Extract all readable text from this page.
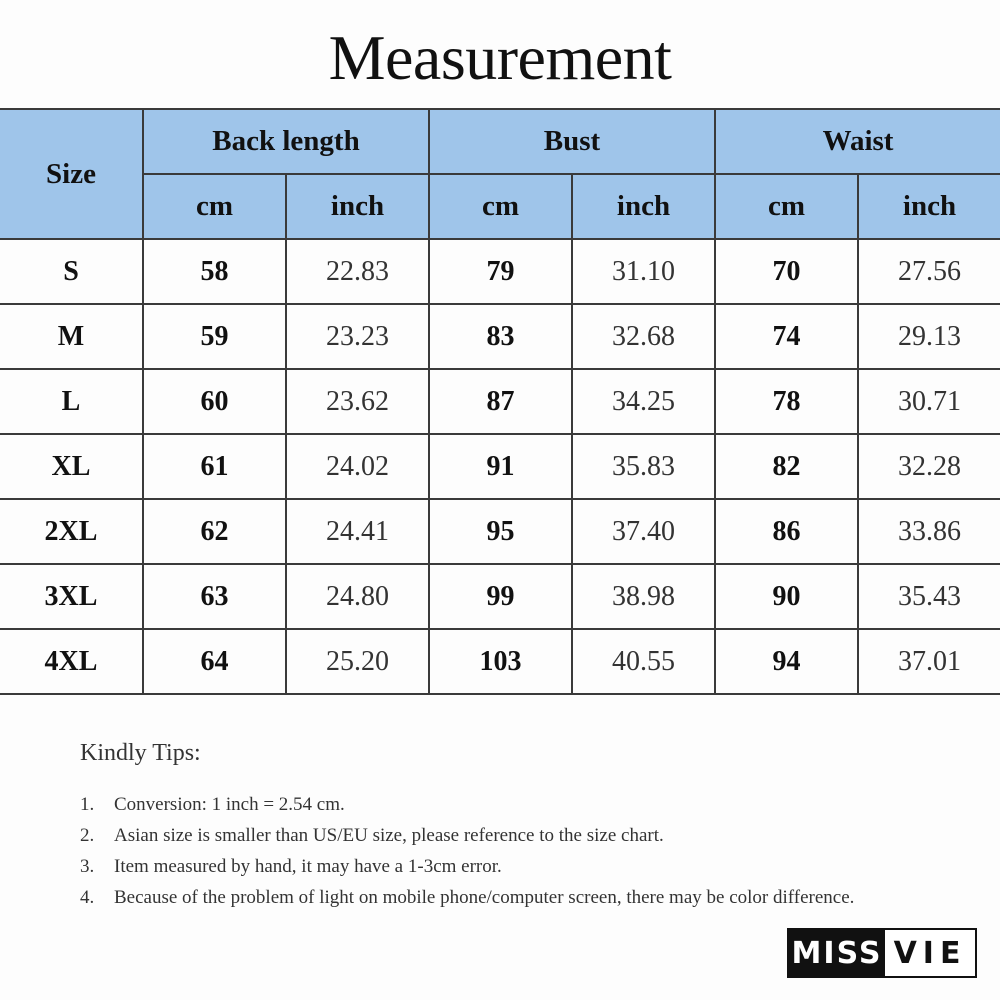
Measurement
Size	Back length		Bust		Waist	
	cm	inch	cm	inch	cm	inch
S	58	22.83	79	31.10	70	27.56
M	59	23.23	83	32.68	74	29.13
L	60	23.62	87	34.25	78	30.71
XL	61	24.02	91	35.83	82	32.28
2XL	62	24.41	95	37.40	86	33.86
3XL	63	24.80	99	38.98	90	35.43
4XL	64	25.20	103	40.55	94	37.01
Kindly Tips:
1. Conversion: 1 inch = 2.54 cm.
2. Asian size is smaller than US/EU size, please reference to the size chart.
3. Item measured by hand, it may have a 1-3cm error.
4. Because of the problem of light on mobile phone/computer screen, there may be color difference.
MISS VIE
